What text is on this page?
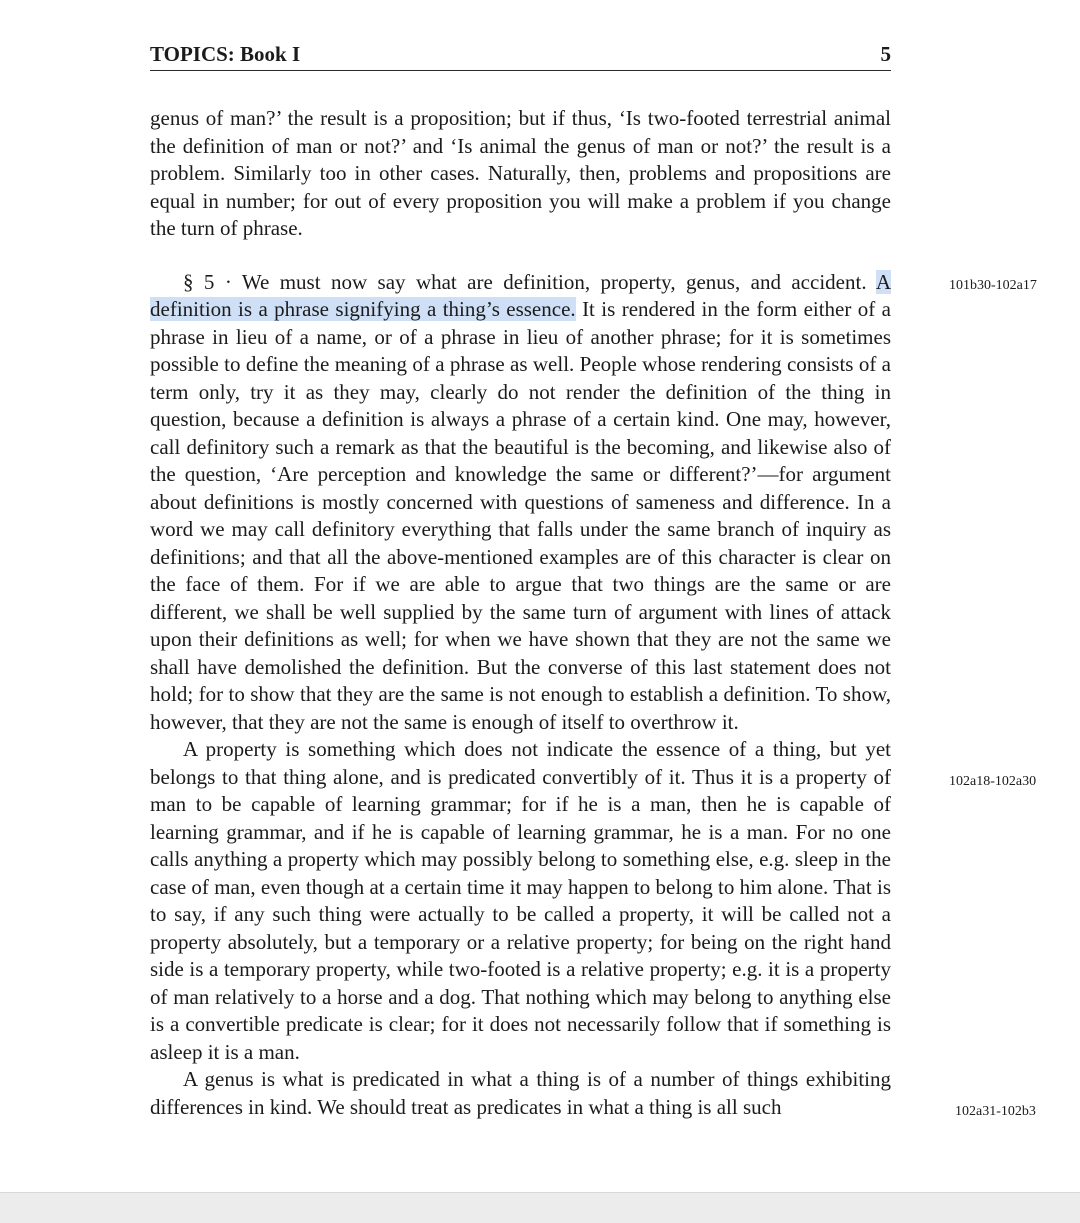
TOPICS: Book I	5

genus of man?’ the result is a proposition; but if thus, ‘Is two-footed terrestrial animal the definition of man or not?’ and ‘Is animal the genus of man or not?’ the result is a problem. Similarly too in other cases. Naturally, then, problems and propositions are equal in number; for out of every proposition you will make a problem if you change the turn of phrase.

§ 5 · We must now say what are definition, property, genus, and accident. A definition is a phrase signifying a thing’s essence. It is rendered in the form either of a phrase in lieu of a name, or of a phrase in lieu of another phrase; for it is sometimes possible to define the meaning of a phrase as well. People whose rendering consists of a term only, try it as they may, clearly do not render the definition of the thing in question, because a definition is always a phrase of a certain kind. One may, however, call definitory such a remark as that the beautiful is the becoming, and likewise also of the question, ‘Are perception and knowledge the same or different?’—for argument about definitions is mostly concerned with questions of sameness and difference. In a word we may call definitory everything that falls under the same branch of inquiry as definitions; and that all the above-mentioned examples are of this character is clear on the face of them. For if we are able to argue that two things are the same or are different, we shall be well supplied by the same turn of argument with lines of attack upon their definitions as well; for when we have shown that they are not the same we shall have demolished the definition. But the converse of this last statement does not hold; for to show that they are the same is not enough to establish a definition. To show, however, that they are not the same is enough of itself to overthrow it.

A property is something which does not indicate the essence of a thing, but yet belongs to that thing alone, and is predicated convertibly of it. Thus it is a property of man to be capable of learning grammar; for if he is a man, then he is capable of learning grammar, and if he is capable of learning grammar, he is a man. For no one calls anything a property which may possibly belong to something else, e.g. sleep in the case of man, even though at a certain time it may happen to belong to him alone. That is to say, if any such thing were actually to be called a property, it will be called not a property absolutely, but a temporary or a relative property; for being on the right hand side is a temporary property, while two-footed is a relative property; e.g. it is a property of man relatively to a horse and a dog. That nothing which may belong to anything else is a convertible predicate is clear; for it does not necessarily follow that if something is asleep it is a man.

A genus is what is predicated in what a thing is of a number of things exhibiting differences in kind. We should treat as predicates in what a thing is all such

101b30-102a17
102a18-102a30
102a31-102b3
